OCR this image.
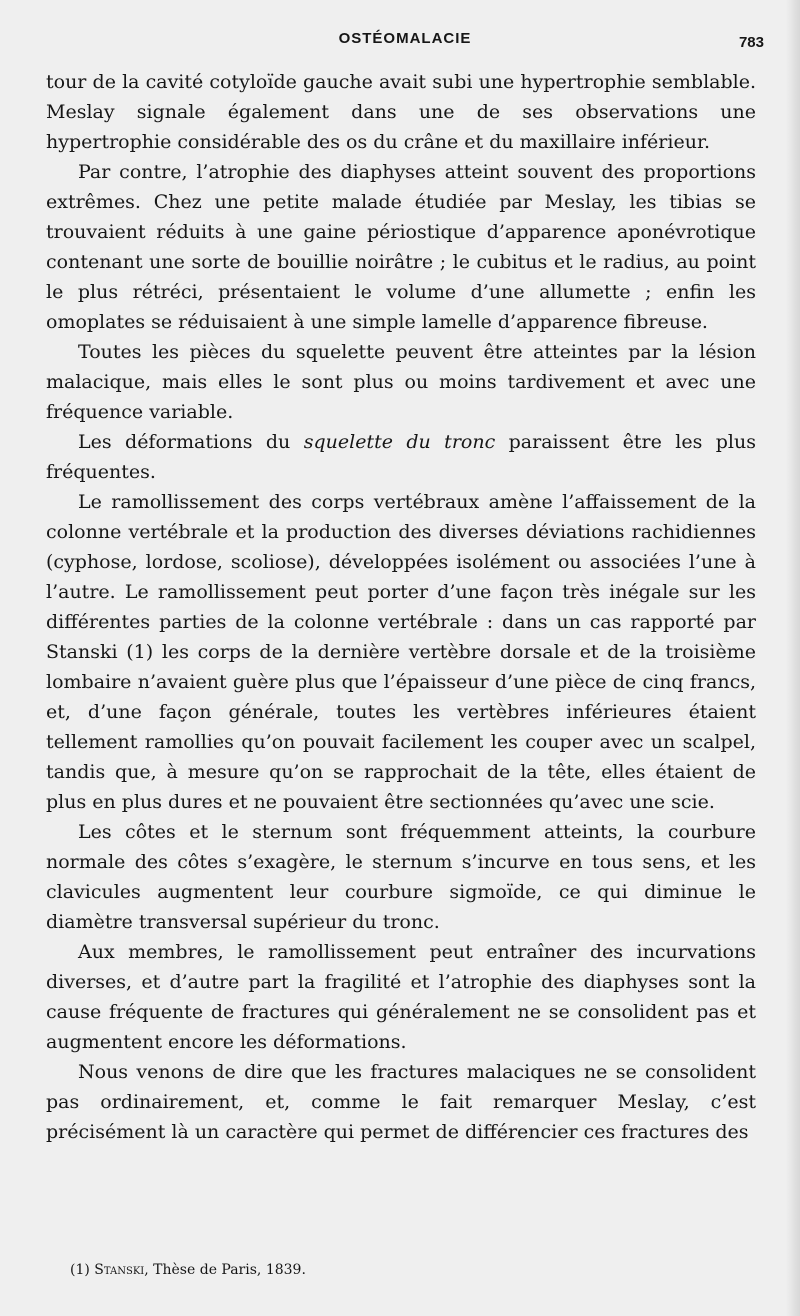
OSTÉOMALACIE	783

tour de la cavité cotyloïde gauche avait subi une hypertrophie semblable. Meslay signale également dans une de ses observations une hypertrophie considérable des os du crâne et du maxillaire inférieur.

Par contre, l’atrophie des diaphyses atteint souvent des proportions extrêmes. Chez une petite malade étudiée par Meslay, les tibias se trouvaient réduits à une gaine périostique d’apparence aponévrotique contenant une sorte de bouillie noirâtre ; le cubitus et le radius, au point le plus rétréci, présentaient le volume d’une allumette ; enfin les omoplates se réduisaient à une simple lamelle d’apparence fibreuse.

Toutes les pièces du squelette peuvent être atteintes par la lésion malacique, mais elles le sont plus ou moins tardivement et avec une fréquence variable.

Les déformations du squelette du tronc paraissent être les plus fréquentes.

Le ramollissement des corps vertébraux amène l’affaissement de la colonne vertébrale et la production des diverses déviations rachidiennes (cyphose, lordose, scoliose), développées isolément ou associées l’une à l’autre. Le ramollissement peut porter d’une façon très inégale sur les différentes parties de la colonne vertébrale : dans un cas rapporté par Stanski (1) les corps de la dernière vertèbre dorsale et de la troisième lombaire n’avaient guère plus que l’épaisseur d’une pièce de cinq francs, et, d’une façon générale, toutes les vertèbres inférieures étaient tellement ramollies qu’on pouvait facilement les couper avec un scalpel, tandis que, à mesure qu’on se rapprochait de la tête, elles étaient de plus en plus dures et ne pouvaient être sectionnées qu’avec une scie.

Les côtes et le sternum sont fréquemment atteints, la courbure normale des côtes s’exagère, le sternum s’incurve en tous sens, et les clavicules augmentent leur courbure sigmoïde, ce qui diminue le diamètre transversal supérieur du tronc.

Aux membres, le ramollissement peut entraîner des incurvations diverses, et d’autre part la fragilité et l’atrophie des diaphyses sont la cause fréquente de fractures qui généralement ne se consolident pas et augmentent encore les déformations.

Nous venons de dire que les fractures malaciques ne se consolident pas ordinairement, et, comme le fait remarquer Meslay, c’est précisément là un caractère qui permet de différencier ces fractures des

(1) Stanski, Thèse de Paris, 1839.
